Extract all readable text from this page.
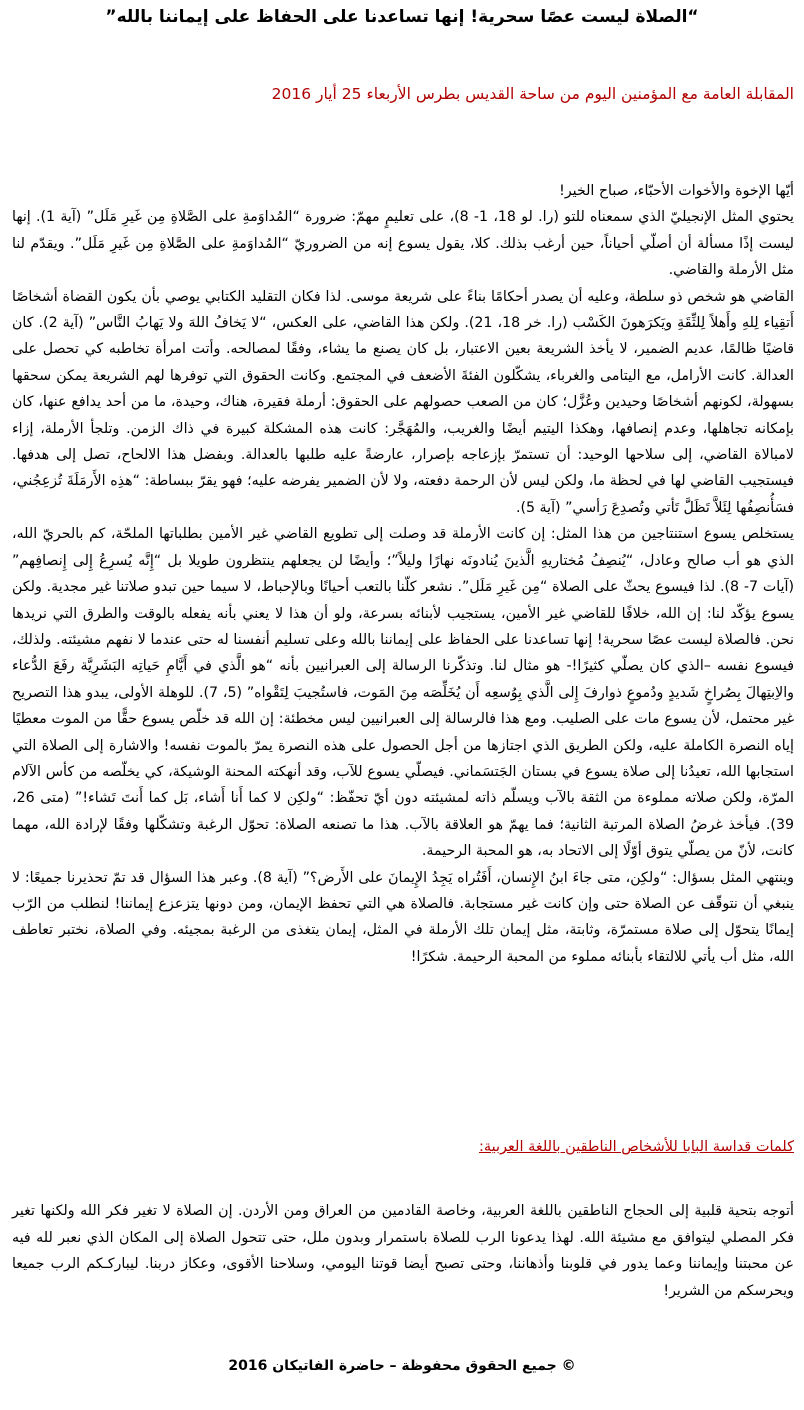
“الصلاة ليست عصًا سحرية! إنها تساعدنا على الحفاظ على إيماننا بالله”
المقابلة العامة مع المؤمنين اليوم من ساحة القديس بطرس الأربعاء 25 أيار 2016

أيّها الإخوة والأخوات الأحبّاء، صباح الخير!

يحتوي المثل الإنجيليّ الذي سمعناه للتو (را. لو 18، 1- 8)، على تعليمٍ مهمّ: ضرورة “المُداوَمةِ على الصَّلاةِ مِن غَيرِ مَلَل” (آية 1). إنها ليست إذًا مسألة أن أصلّي أحياناً، حين أرغب بذلك. كلا، يقول يسوع إنه من الضروريّ “المُداوَمةِ على الصَّلاةِ مِن غَيرِ مَلَل”. ويقدّم لنا مثل الأرملة والقاضي.

القاضي هو شخص ذو سلطة، وعليه أن يصدر أحكامًا بناءً على شريعة موسى. لذا فكان التقليد الكتابي يوصي بأن يكون القضاة أشخاصًا أَتقِياء لِلهِ وأَهلاً لِلثِّقَةِ ويَكرَهونَ الكَسْب (را. خر 18، 21). ولكن هذا القاضي، على العكس، “لا يَخافُ اللهَ ولا يَهابُ النَّاس” (آية 2). كان قاضيًا ظالمًا، عديم الضمير، لا يأخذ الشريعة بعين الاعتبار، بل كان يصنع ما يشاء، وفقًا لمصالحه. وأتت امرأة تخاطبه كي تحصل على العدالة. كانت الأرامل، مع اليتامى والغرباء، يشكّلون الفئةَ الأضعف في المجتمع. وكانت الحقوق التي توفرها لهم الشريعة يمكن سحقها بسهولة، لكونهم أشخاصًا وحيدين وعُزَّل؛ كان من الصعب حصولهم على الحقوق: أرملة فقيرة، هناك، وحيدة، ما من أحد يدافع عنها، كان بإمكانه تجاهلها، وعدم إنصافها، وهكذا اليتيم أيضًا والغريب، والمُهَجَّر: كانت هذه المشكلة كبيرة في ذاك الزمن. وتلجأ الأرملة، إزاء لامبالاة القاضي، إلى سلاحها الوحيد: أن تستمرّ بإزعاجه بإصرار، عارضةً عليه طلبها بالعدالة. وبفضل هذا الالحاح، تصل إلى هدفها. فيستجيب القاضي لها في لحظة ما، ولكن ليس لأن الرحمة دفعته، ولا لأن الضمير يفرضه عليه؛ فهو يقرّ ببساطة: “هذِه الأَرمَلَةَ تُزعِجُني، فسَأُنصِفُها لِئَلاَّ تَظَلَّ تَأتي وتُصدِعَ رَأسي” (آية 5).

يستخلص يسوع استنتاجين من هذا المثل: إن كانت الأرملة قد وصلت إلى تطويع القاضي غير الأمين بطلباتها الملحّة، كم بالحريّ الله، الذي هو أب صالح وعادل، “يُنصِفُ مُختاريهِ الَّذينَ يُنادونَه نهارًا وليلاً”؛ وأيضًا لن يجعلهم ينتظرون طويلا بل “إِنَّه يُسرِعُ إِلى إِنصافِهم” (آيات 7- 8). لذا فيسوع يحثّ على الصلاة “مِن غَيرِ مَلَل”. نشعر كلّنا بالتعب أحيانًا وبالإحباط، لا سيما حين تبدو صلاتنا غير مجدية. ولكن يسوع يؤكّد لنا: إن الله، خلافًا للقاضي غير الأمين، يستجيب لأبنائه بسرعة، ولو أن هذا لا يعني بأنه يفعله بالوقت والطرق التي نريدها نحن. فالصلاة ليست عصًا سحرية! إنها تساعدنا على الحفاظ على إيماننا بالله وعلى تسليم أنفسنا له حتى عندما لا نفهم مشيئته. ولذلك، فيسوع نفسه –الذي كان يصلّي كثيرًا!- هو مثال لنا. وتذكّرنا الرسالة إلى العبرانيين بأنه “هو الَّذي في أَيَّامِ حَياتِه البَشَرِيَّة رفَعَ الدُّعاء والاِبتِهالَ بِصُراخٍ شَديدٍ ودُموعٍ ذوارفَ إِلى الَّذي بِوُسعِه أَن يُخَلِّصَه مِنَ المَوت، فاستُجيبَ لِتَقْواه” (5، 7). للوهلة الأولى، يبدو هذا التصريح غير محتمل، لأن يسوع مات على الصليب. ومع هذا فالرسالة إلى العبرانيين ليس مخطئة: إن الله قد خلّص يسوع حقًّا من الموت معطيًا إياه النصرة الكاملة عليه، ولكن الطريق الذي اجتازها من أجل الحصول على هذه النصرة يمرّ بالموت نفسه! والاشارة إلى الصلاة التي استجابها الله، تعيدُنا إلى صلاة يسوع في بستان الجَتسَماني. فيصلّي يسوع للآب، وقد أنهكته المحنة الوشيكة، كي يخلّصه من كأس الآلام المرّة، ولكن صلاته مملوءة من الثقة بالآب ويسلّم ذاته لمشيئته دون أيّ تحفّظ: “ولكِن لا كما أَنا أَشاء، بَل كما أَنتَ تَشاء!” (متى 26، 39). فيأخذ غرضُ الصلاة المرتبة الثانية؛ فما يهمّ هو العلاقة بالآب. هذا ما تصنعه الصلاة: تحوّل الرغبة وتشكّلها وفقًا لإرادة الله، مهما كانت، لأنّ من يصلّي يتوق أوّلًا إلى الاتحاد به، هو المحبة الرحيمة.

وينتهي المثل بسؤال: “ولكِن، متى جاءَ ابنُ الإِنسان، أَفَتُراه يَجِدُ الإِيمانَ على الأَرض؟” (آية 8). وعبر هذا السؤال قد تمّ تحذيرنا جميعًا: لا ينبغي أن نتوقّف عن الصلاة حتى وإن كانت غير مستجابة. فالصلاة هي التي تحفظ الإيمان، ومن دونها يتزعزع إيماننا! لنطلب من الرّب إيمانًا يتحوّل إلى صلاة مستمرّة، وثابتة، مثل إيمان تلك الأرملة في المثل، إيمان يتغذى من الرغبة بمجيئه. وفي الصلاة، نختبر تعاطف الله، مثل أب يأتي للالتقاء بأبنائه مملوء من المحبة الرحيمة. شكرًا!

كلمات قداسة البابا للأشخاص الناطقين باللغة العربية:
أتوجه بتحية قلبية إلى الحجاج الناطقين باللغة العربية، وخاصة القادمين من العراق ومن الأردن. إن الصلاة لا تغير فكر الله ولكنها تغير فكر المصلي ليتوافق مع مشيئة الله. لهذا يدعونا الرب للصلاة باستمرار وبدون ملل، حتى تتحول الصلاة إلى المكان الذي نعبر لله فيه عن محبتنا وإيماننا وعما يدور في قلوبنا وأذهاننا، وحتى تصبح أيضا قوتنا اليومي، وسلاحنا الأقوى، وعكاز دربنا. ليباركـكم الرب جميعا ويحرسكم من الشرير!
© جميع الحقوق محفوظة – حاضرة الفاتيكان 2016
